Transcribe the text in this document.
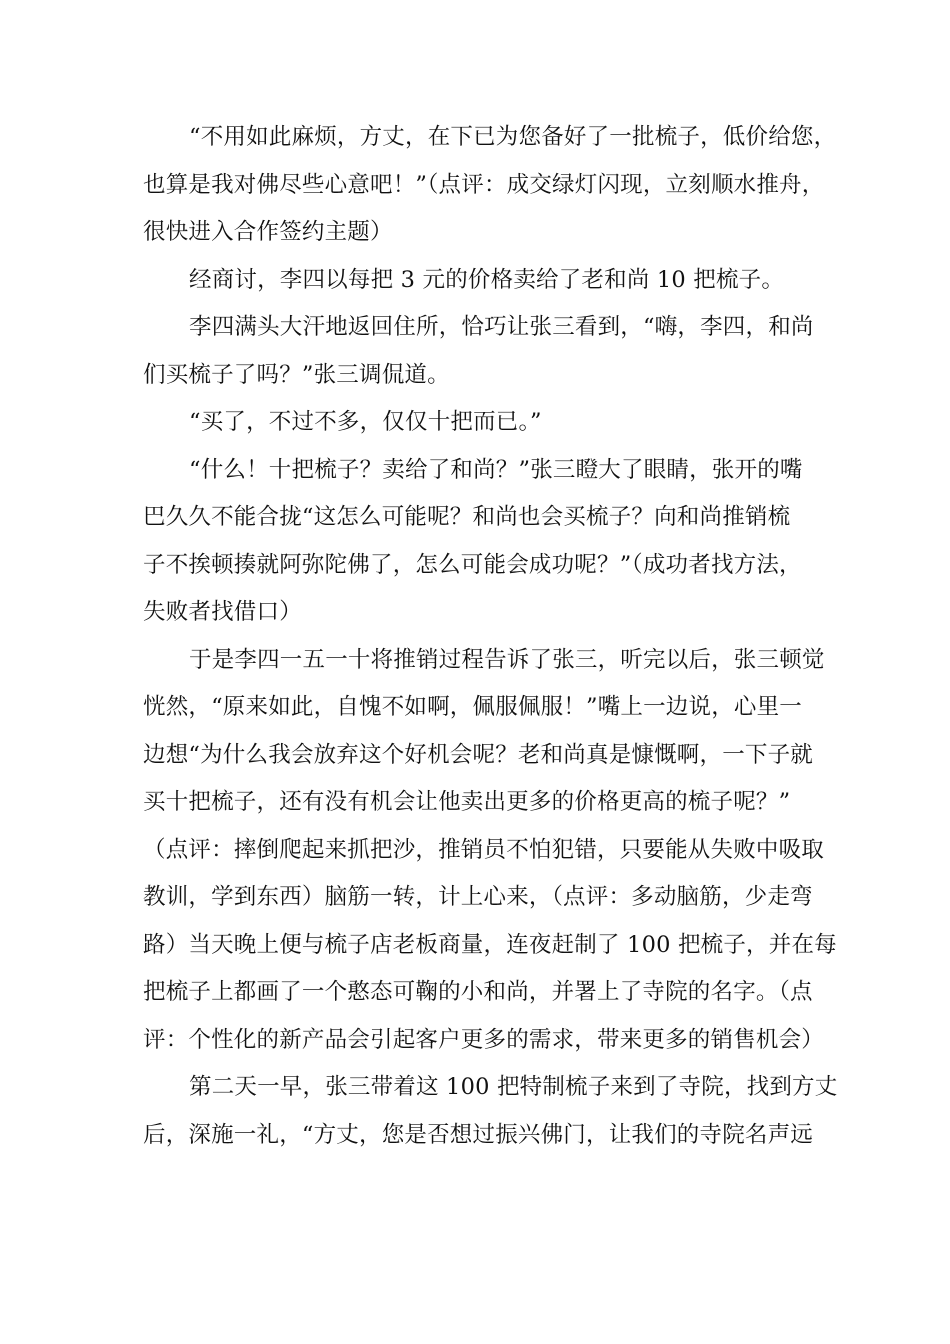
“不用如此麻烦，方丈，在下已为您备好了一批梳子，低价给您，
也算是我对佛尽些心意吧！”（点评：成交绿灯闪现，立刻顺水推舟，
很快进入合作签约主题）

经商讨，李四以每把 3 元的价格卖给了老和尚 10 把梳子。

李四满头大汗地返回住所，恰巧让张三看到，“嗨，李四，和尚
们买梳子了吗？”张三调侃道。

“买了，不过不多，仅仅十把而已。”

“什么！十把梳子？卖给了和尚？”张三瞪大了眼睛，张开的嘴
巴久久不能合拢“这怎么可能呢？和尚也会买梳子？向和尚推销梳
子不挨顿揍就阿弥陀佛了，怎么可能会成功呢？”（成功者找方法，
失败者找借口）

于是李四一五一十将推销过程告诉了张三，听完以后，张三顿觉
恍然，“原来如此，自愧不如啊，佩服佩服！”嘴上一边说，心里一
边想“为什么我会放弃这个好机会呢？老和尚真是慷慨啊，一下子就
买十把梳子，还有没有机会让他卖出更多的价格更高的梳子呢？”
（点评：摔倒爬起来抓把沙，推销员不怕犯错，只要能从失败中吸取
教训，学到东西）脑筋一转，计上心来，（点评：多动脑筋，少走弯
路）当天晚上便与梳子店老板商量，连夜赶制了 100 把梳子，并在每
把梳子上都画了一个憨态可鞠的小和尚，并署上了寺院的名字。（点
评：个性化的新产品会引起客户更多的需求，带来更多的销售机会）

第二天一早，张三带着这 100 把特制梳子来到了寺院，找到方丈
后，深施一礼，“方丈，您是否想过振兴佛门，让我们的寺院名声远
